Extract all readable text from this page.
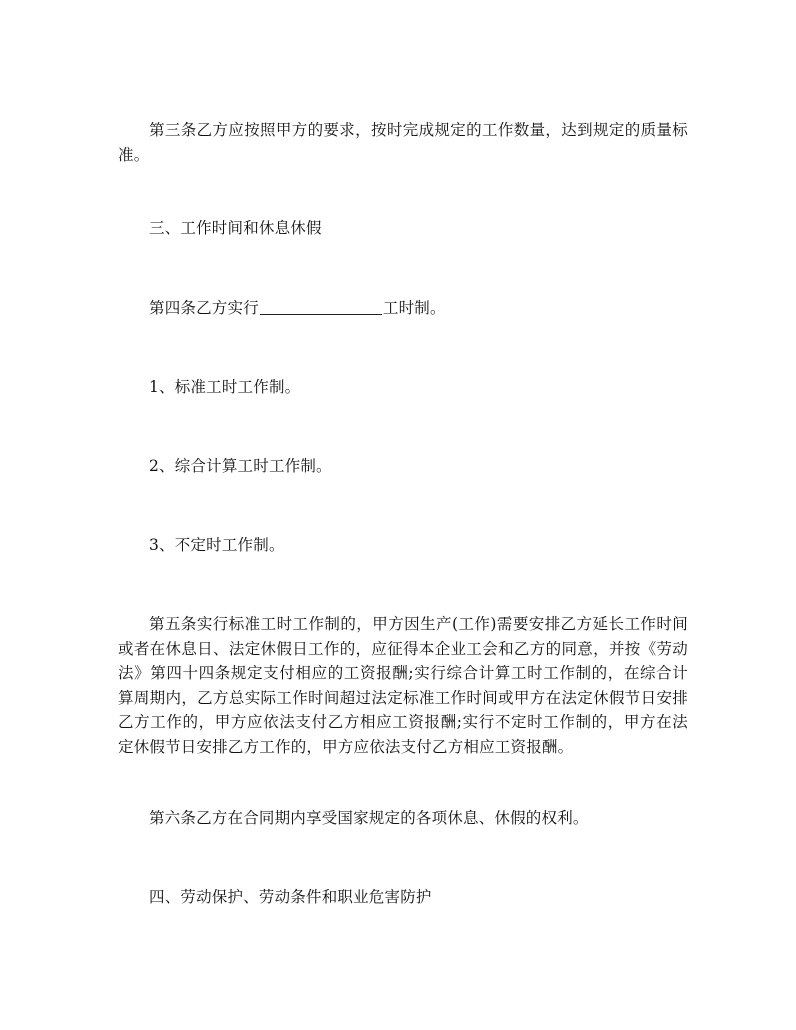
第三条乙方应按照甲方的要求，按时完成规定的工作数量，达到规定的质量标准。

三、工作时间和休息休假

第四条乙方实行	工时制。

1、标准工时工作制。

2、综合计算工时工作制。

3、不定时工作制。

第五条实行标准工时工作制的，甲方因生产(工作)需要安排乙方延长工作时间或者在休息日、法定休假日工作的，应征得本企业工会和乙方的同意，并按《劳动法》第四十四条规定支付相应的工资报酬;实行综合计算工时工作制的，在综合计算周期内，乙方总实际工作时间超过法定标准工作时间或甲方在法定休假节日安排乙方工作的，甲方应依法支付乙方相应工资报酬;实行不定时工作制的，甲方在法定休假节日安排乙方工作的，甲方应依法支付乙方相应工资报酬。

第六条乙方在合同期内享受国家规定的各项休息、休假的权利。

四、劳动保护、劳动条件和职业危害防护
